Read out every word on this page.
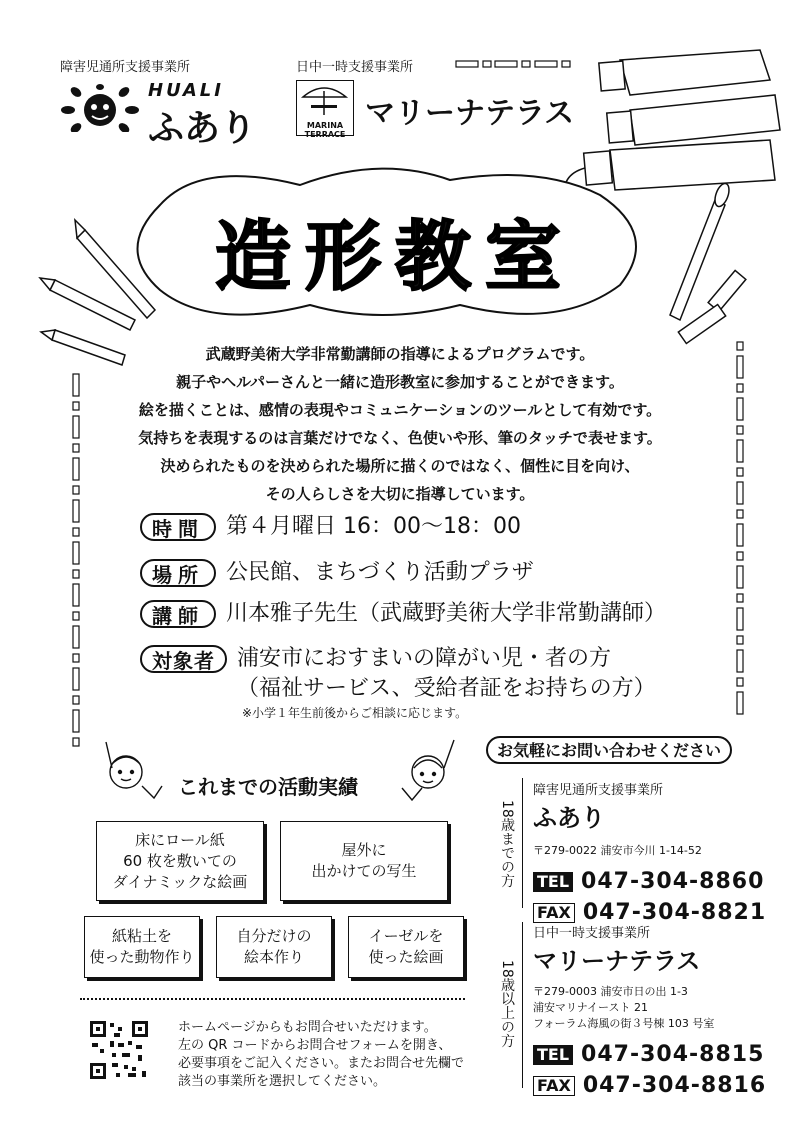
障害児通所支援事業所
HUALI
ふあり
日中一時支援事業所
MARINA TERRACE
マリーナテラス
造形教室
武蔵野美術大学非常勤講師の指導によるプログラムです。
親子やヘルパーさんと一緒に造形教室に参加することができます。
絵を描くことは、感情の表現やコミュニケーションのツールとして有効です。
気持ちを表現するのは言葉だけでなく、色使いや形、筆のタッチで表せます。
決められたものを決められた場所に描くのではなく、個性に目を向け、
その人らしさを大切に指導しています。
時間	第４月曜日 16：00〜18：00
場所	公民館、まちづくり活動プラザ
講師	川本雅子先生（武蔵野美術大学非常勤講師）
対象者	浦安市におすまいの障がい児・者の方
（福祉サービス、受給者証をお持ちの方）
※小学１年生前後からご相談に応じます。
これまでの活動実績
床にロール紙
60 枚を敷いての
ダイナミックな絵画
屋外に
出かけての写生
紙粘土を
使った動物作り
自分だけの
絵本作り
イーゼルを
使った絵画
ホームページからもお問合せいただけます。
左の QR コードからお問合せフォームを開き、
必要事項をご記入ください。またお問合せ先欄で
該当の事業所を選択してください。
お気軽にお問い合わせください
18歳までの方
障害児通所支援事業所
ふあり
〒279-0022 浦安市今川 1-14-52
TEL 047-304-8860
FAX 047-304-8821
18歳以上の方
日中一時支援事業所
マリーナテラス
〒279-0003 浦安市日の出 1-3
浦安マリナイースト 21
フォーラム海風の街３号棟 103 号室
TEL 047-304-8815
FAX 047-304-8816
